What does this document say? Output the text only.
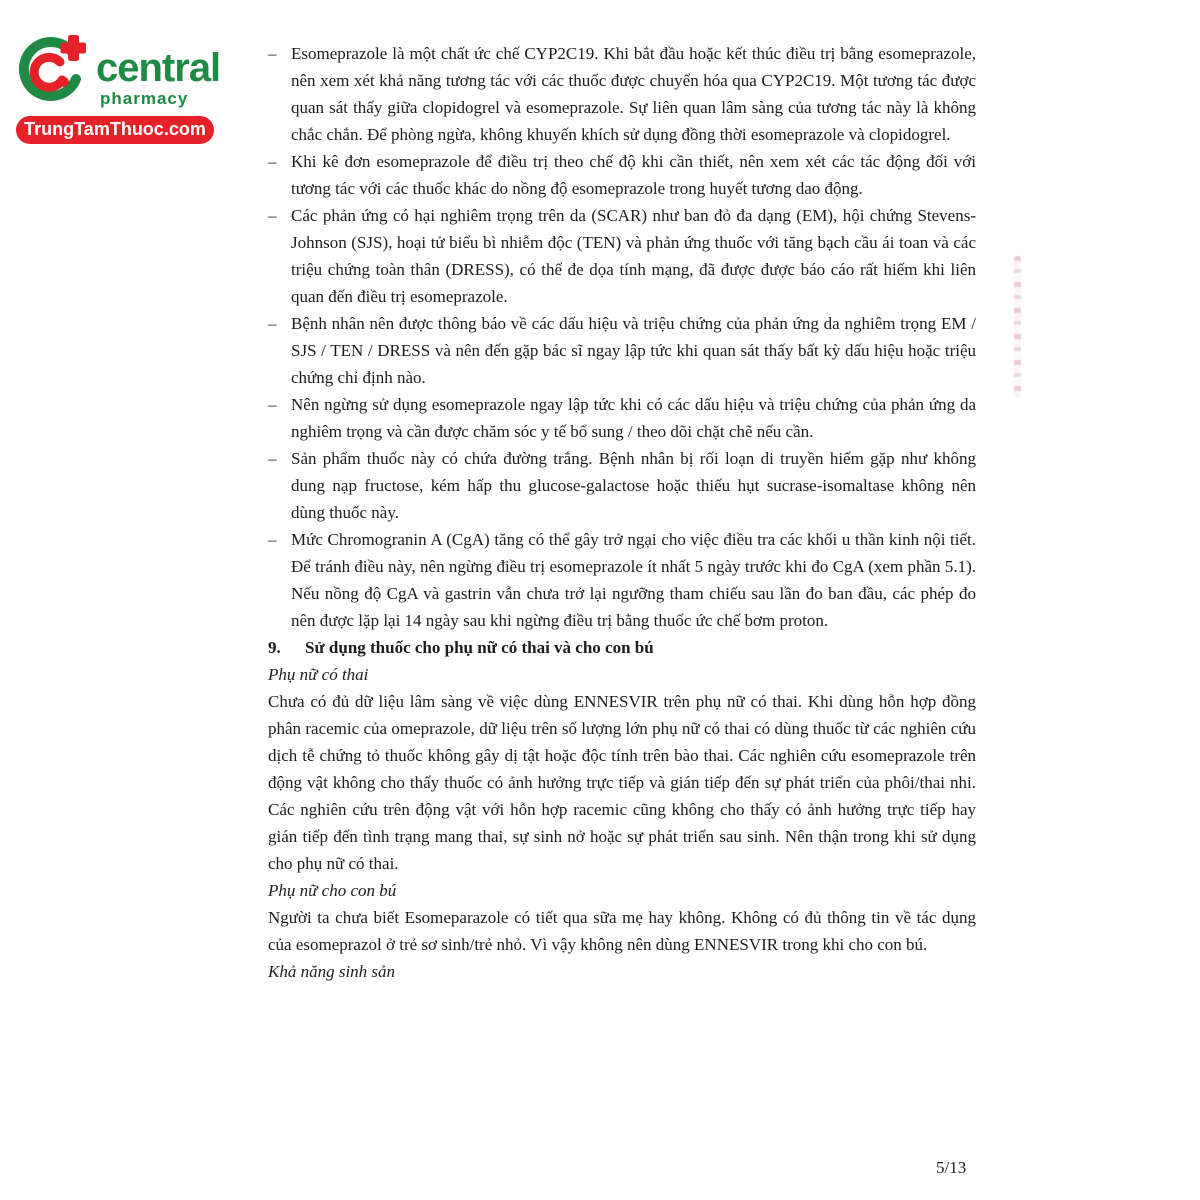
central
pharmacy
TrungTamThuoc.com
– Esomeprazole là một chất ức chế CYP2C19. Khi bắt đầu hoặc kết thúc điều trị bằng esomeprazole, nên xem xét khả năng tương tác với các thuốc được chuyển hóa qua CYP2C19. Một tương tác được quan sát thấy giữa clopidogrel và esomeprazole. Sự liên quan lâm sàng của tương tác này là không chắc chắn. Để phòng ngừa, không khuyến khích sử dụng đồng thời esomeprazole và clopidogrel.
– Khi kê đơn esomeprazole để điều trị theo chế độ khi cần thiết, nên xem xét các tác động đối với tương tác với các thuốc khác do nồng độ esomeprazole trong huyết tương dao động.
– Các phản ứng có hại nghiêm trọng trên da (SCAR) như ban đỏ đa dạng (EM), hội chứng Stevens-Johnson (SJS), hoại tử biểu bì nhiễm độc (TEN) và phản ứng thuốc với tăng bạch cầu ái toan và các triệu chứng toàn thân (DRESS), có thể đe dọa tính mạng, đã được được báo cáo rất hiếm khi liên quan đến điều trị esomeprazole.
– Bệnh nhân nên được thông báo về các dấu hiệu và triệu chứng của phản ứng da nghiêm trọng EM / SJS / TEN / DRESS và nên đến gặp bác sĩ ngay lập tức khi quan sát thấy bất kỳ dấu hiệu hoặc triệu chứng chỉ định nào.
– Nên ngừng sử dụng esomeprazole ngay lập tức khi có các dấu hiệu và triệu chứng của phản ứng da nghiêm trọng và cần được chăm sóc y tế bổ sung / theo dõi chặt chẽ nếu cần.
– Sản phẩm thuốc này có chứa đường trắng. Bệnh nhân bị rối loạn di truyền hiếm gặp như không dung nạp fructose, kém hấp thu glucose-galactose hoặc thiếu hụt sucrase-isomaltase không nên dùng thuốc này.
– Mức Chromogranin A (CgA) tăng có thể gây trở ngại cho việc điều tra các khối u thần kinh nội tiết. Để tránh điều này, nên ngừng điều trị esomeprazole ít nhất 5 ngày trước khi đo CgA (xem phần 5.1). Nếu nồng độ CgA và gastrin vẫn chưa trở lại ngưỡng tham chiếu sau lần đo ban đầu, các phép đo nên được lặp lại 14 ngày sau khi ngừng điều trị bằng thuốc ức chế bơm proton.
9. Sử dụng thuốc cho phụ nữ có thai và cho con bú
Phụ nữ có thai

Chưa có đủ dữ liệu lâm sàng về việc dùng ENNESVIR trên phụ nữ có thai. Khi dùng hỗn hợp đồng phân racemic của omeprazole, dữ liệu trên số lượng lớn phụ nữ có thai có dùng thuốc từ các nghiên cứu dịch tễ chứng tỏ thuốc không gây dị tật hoặc độc tính trên bào thai. Các nghiên cứu esomeprazole trên động vật không cho thấy thuốc có ảnh hưởng trực tiếp và gián tiếp đến sự phát triển của phôi/thai nhi. Các nghiên cứu trên động vật với hỗn hợp racemic cũng không cho thấy có ảnh hưởng trực tiếp hay gián tiếp đến tình trạng mang thai, sự sinh nở hoặc sự phát triển sau sinh. Nên thận trong khi sử dụng cho phụ nữ có thai.

Phụ nữ cho con bú

Người ta chưa biết Esomeparazole có tiết qua sữa mẹ hay không. Không có đủ thông tin về tác dụng của esomeprazol ở trẻ sơ sinh/trẻ nhỏ. Vì vậy không nên dùng ENNESVIR trong khi cho con bú.

Khả năng sinh sản
5/13
